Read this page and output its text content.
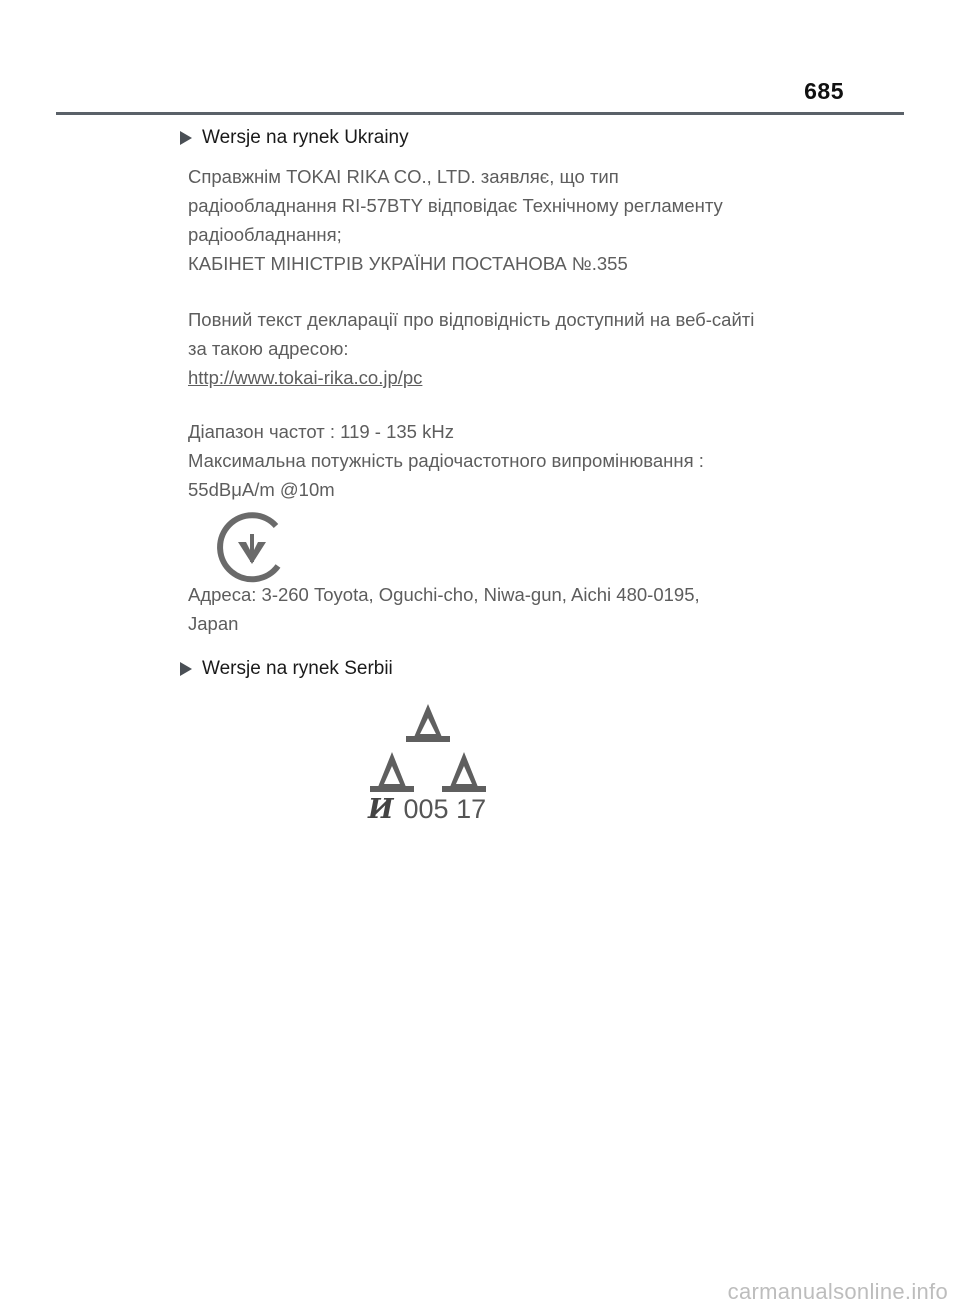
685
Wersje na rynek Ukrainy
Справжнім TOKAI RIKA CO., LTD. заявляє, що тип
радіообладнання RI-57BTY відповідає Технічному регламенту
радіообладнання;
КАБІНЕТ МІНІСТРІВ УКРАЇНИ ПОСТАНОВА №.355
Повний текст декларації про відповідність доступний на веб-сайті
за такою адресою:
http://www.tokai-rika.co.jp/pc
Діапазон частот : 119 - 135 kHz
Максимальна потужність радіочастотного випромінювання :
55dBμA/m @10m
Адреса: 3-260 Toyota, Oguchi-cho, Niwa-gun, Aichi 480-0195,
Japan
Wersje na rynek Serbii
И 005 17
carmanualsonline.info
